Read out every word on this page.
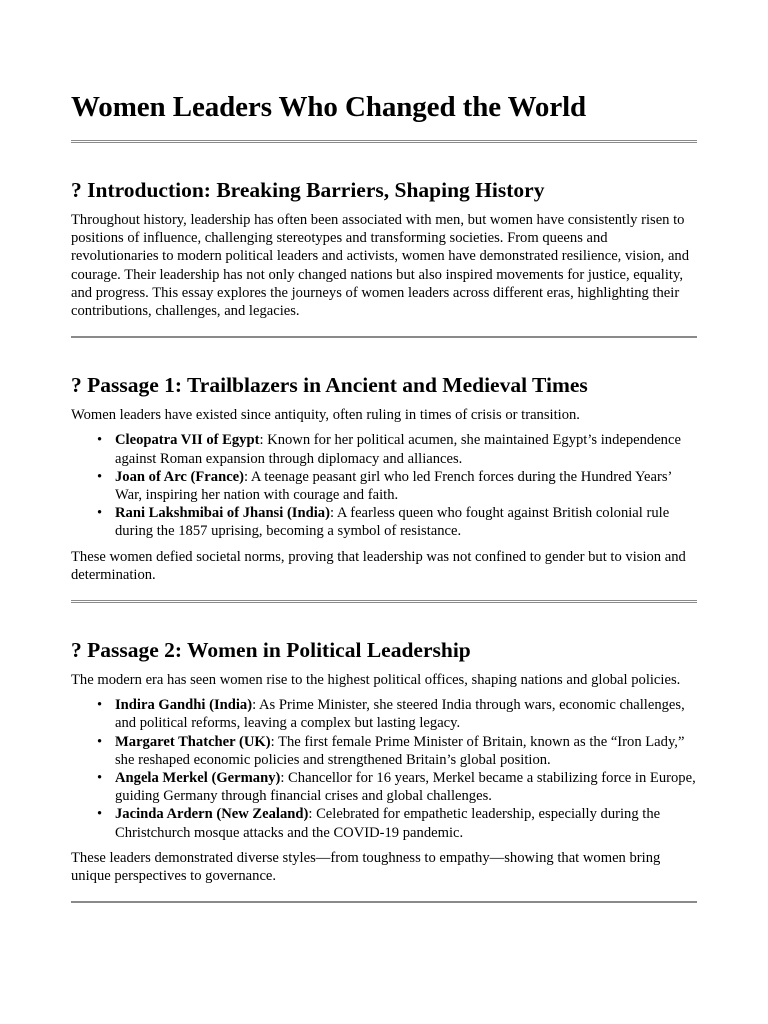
Women Leaders Who Changed the World
? Introduction: Breaking Barriers, Shaping History

Throughout history, leadership has often been associated with men, but women have consistently risen to positions of influence, challenging stereotypes and transforming societies. From queens and revolutionaries to modern political leaders and activists, women have demonstrated resilience, vision, and courage. Their leadership has not only changed nations but also inspired movements for justice, equality, and progress. This essay explores the journeys of women leaders across different eras, highlighting their contributions, challenges, and legacies.

? Passage 1: Trailblazers in Ancient and Medieval Times

Women leaders have existed since antiquity, often ruling in times of crisis or transition.

• Cleopatra VII of Egypt: Known for her political acumen, she maintained Egypt’s independence against Roman expansion through diplomacy and alliances.
• Joan of Arc (France): A teenage peasant girl who led French forces during the Hundred Years’ War, inspiring her nation with courage and faith.
• Rani Lakshmibai of Jhansi (India): A fearless queen who fought against British colonial rule during the 1857 uprising, becoming a symbol of resistance.

These women defied societal norms, proving that leadership was not confined to gender but to vision and determination.

? Passage 2: Women in Political Leadership

The modern era has seen women rise to the highest political offices, shaping nations and global policies.

• Indira Gandhi (India): As Prime Minister, she steered India through wars, economic challenges, and political reforms, leaving a complex but lasting legacy.
• Margaret Thatcher (UK): The first female Prime Minister of Britain, known as the “Iron Lady,” she reshaped economic policies and strengthened Britain’s global position.
• Angela Merkel (Germany): Chancellor for 16 years, Merkel became a stabilizing force in Europe, guiding Germany through financial crises and global challenges.
• Jacinda Ardern (New Zealand): Celebrated for empathetic leadership, especially during the Christchurch mosque attacks and the COVID-19 pandemic.

These leaders demonstrated diverse styles—from toughness to empathy—showing that women bring unique perspectives to governance.
